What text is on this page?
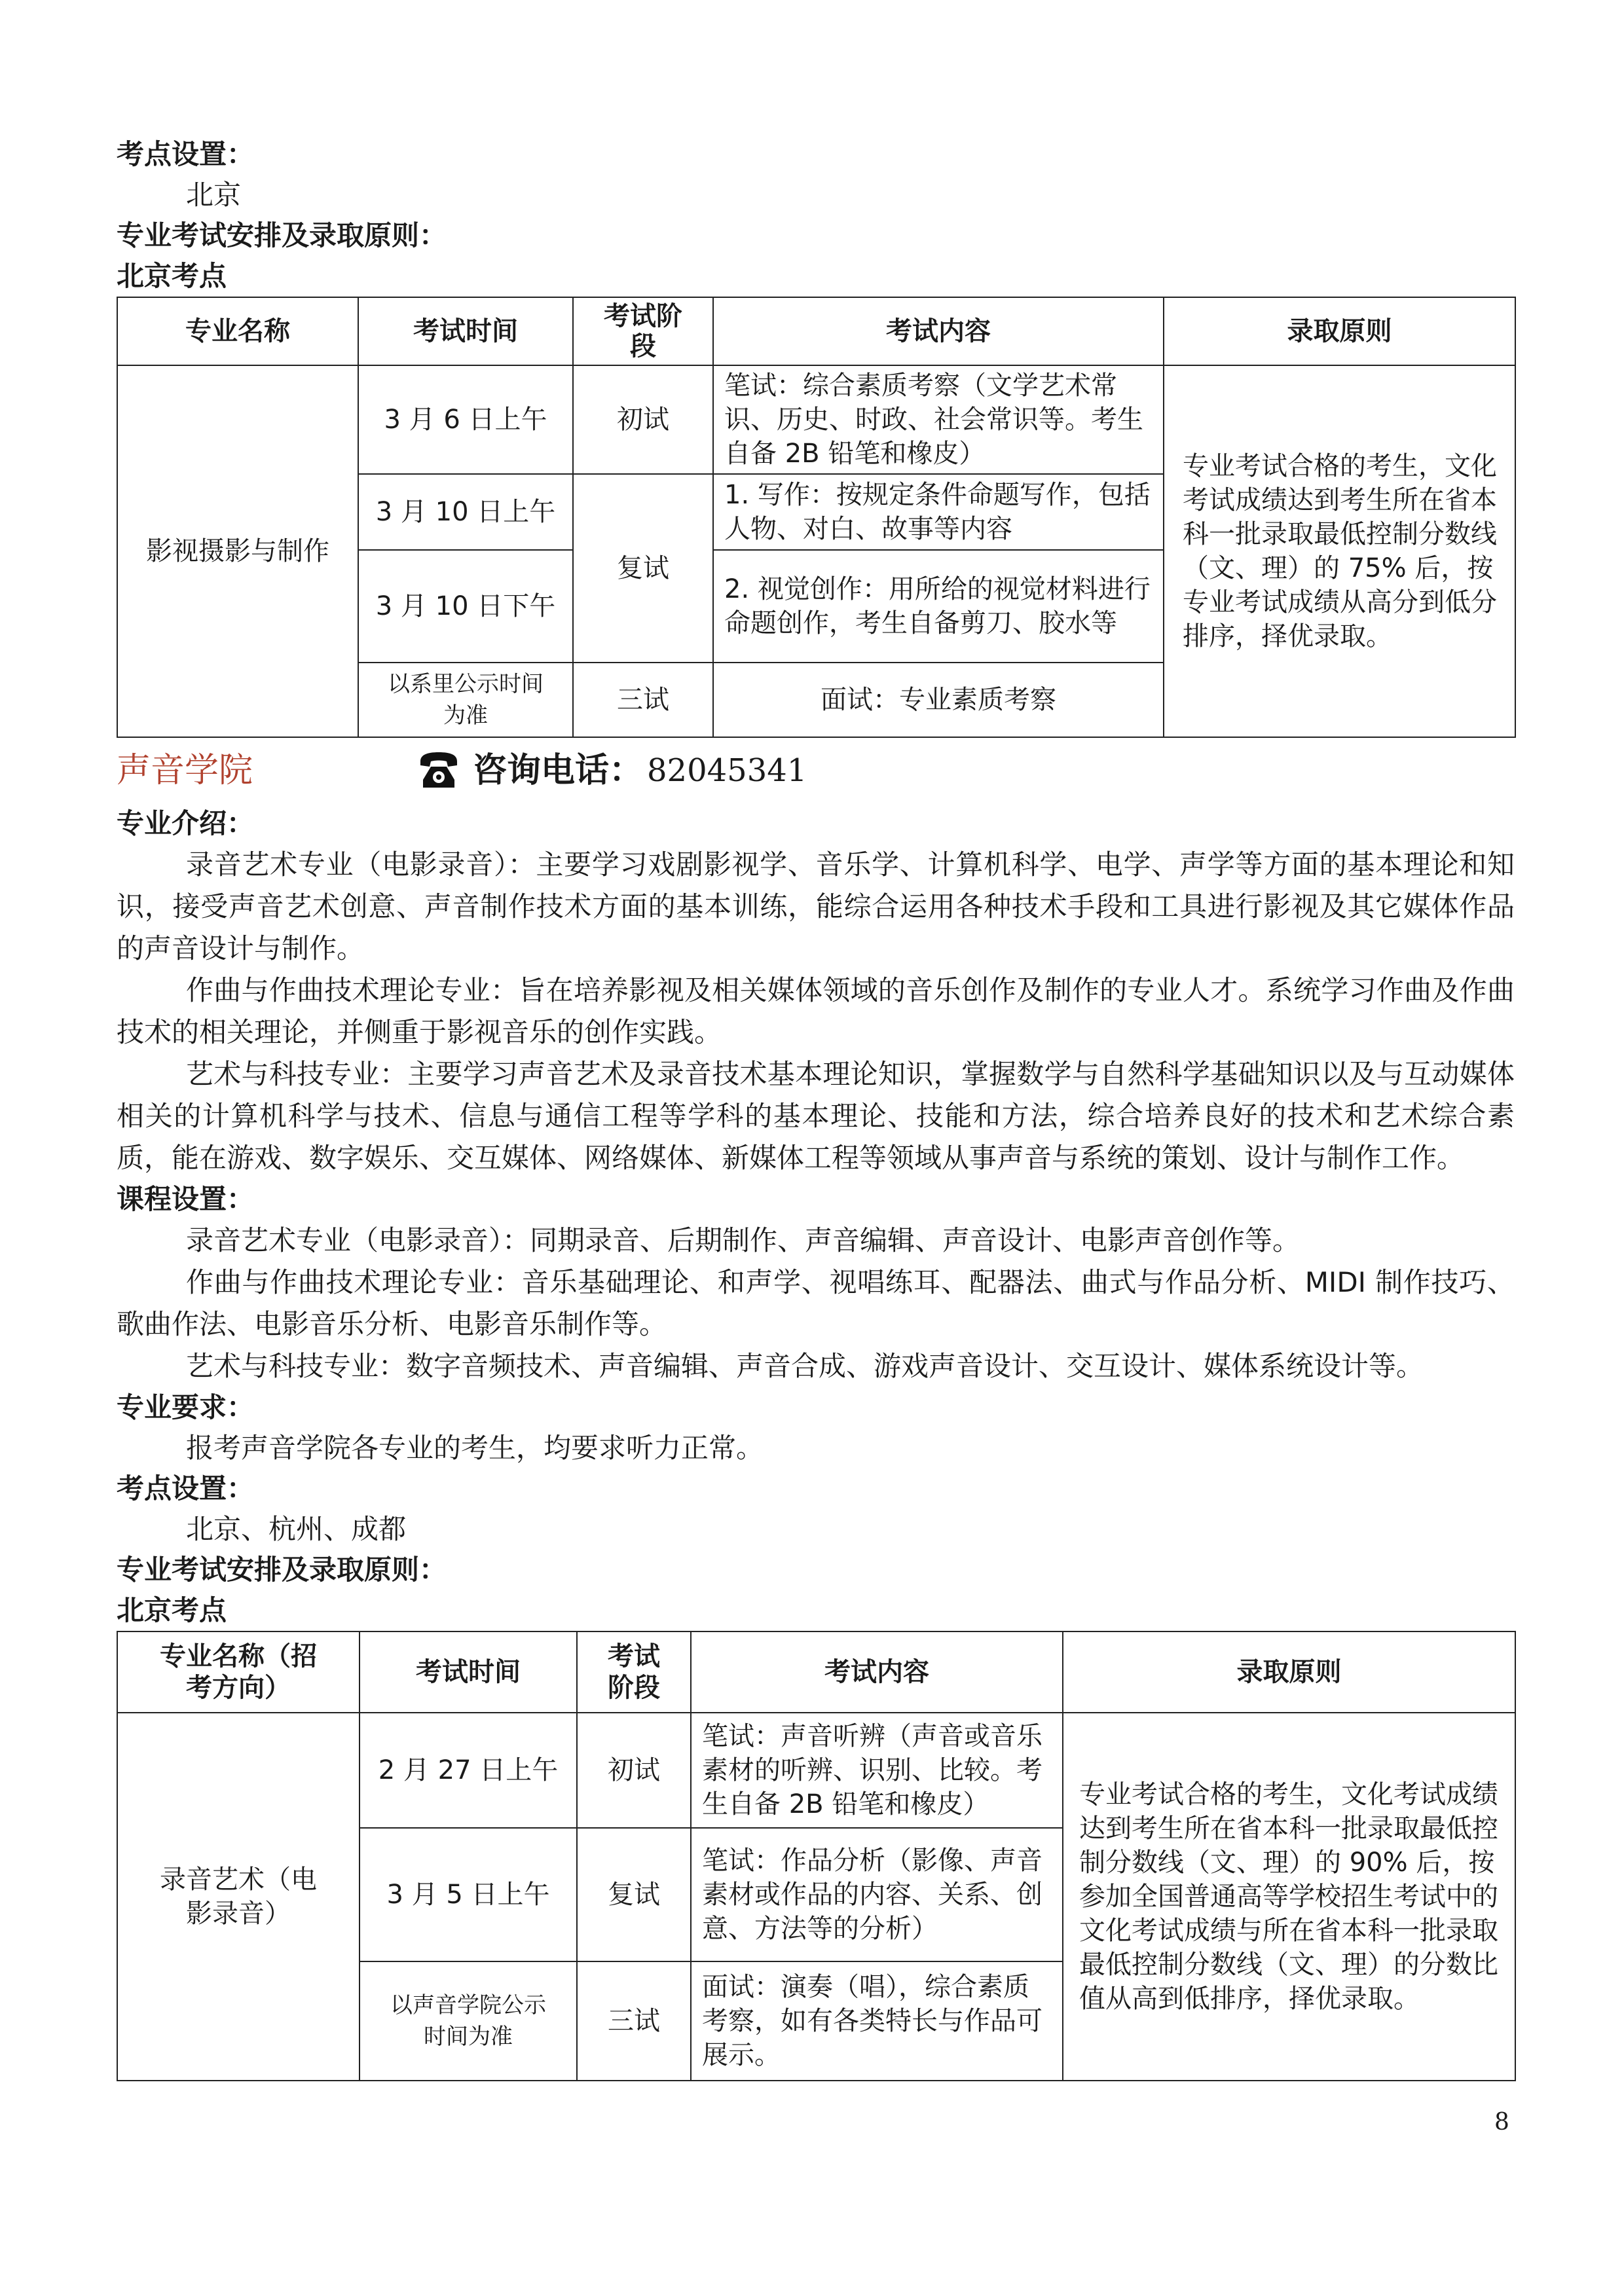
考点设置：
北京
专业考试安排及录取原则：
北京考点
专业名称	考试时间	考试阶段	考试内容	录取原则
影视摄影与制作	3 月 6 日上午	初试	笔试：综合素质考察（文学艺术常识、历史、时政、社会常识等。考生自备 2B 铅笔和橡皮）	专业考试合格的考生，文化考试成绩达到考生所在省本科一批录取最低控制分数线（文、理）的 75% 后，按专业考试成绩从高分到低分排序，择优录取。
	3 月 10 日上午	复试	1. 写作：按规定条件命题写作，包括人物、对白、故事等内容	
	3 月 10 日下午		2. 视觉创作：用所给的视觉材料进行命题创作，考生自备剪刀、胶水等	
	以系里公示时间为准	三试	面试：专业素质考察	
声音学院	咨询电话： 82045341
专业介绍：

录音艺术专业（电影录音）：主要学习戏剧影视学、音乐学、计算机科学、电学、声学等方面的基本理论和知识，接受声音艺术创意、声音制作技术方面的基本训练，能综合运用各种技术手段和工具进行影视及其它媒体作品的声音设计与制作。

作曲与作曲技术理论专业：旨在培养影视及相关媒体领域的音乐创作及制作的专业人才。系统学习作曲及作曲技术的相关理论，并侧重于影视音乐的创作实践。

艺术与科技专业：主要学习声音艺术及录音技术基本理论知识，掌握数学与自然科学基础知识以及与互动媒体相关的计算机科学与技术、信息与通信工程等学科的基本理论、技能和方法，综合培养良好的技术和艺术综合素质，能在游戏、数字娱乐、交互媒体、网络媒体、新媒体工程等领域从事声音与系统的策划、设计与制作工作。

课程设置：

录音艺术专业（电影录音）：同期录音、后期制作、声音编辑、声音设计、电影声音创作等。

作曲与作曲技术理论专业：音乐基础理论、和声学、视唱练耳、配器法、曲式与作品分析、MIDI 制作技巧、歌曲作法、电影音乐分析、电影音乐制作等。

艺术与科技专业：数字音频技术、声音编辑、声音合成、游戏声音设计、交互设计、媒体系统设计等。

专业要求：
报考声音学院各专业的考生，均要求听力正常。
考点设置：
北京、杭州、成都
专业考试安排及录取原则：
北京考点
专业名称（招考方向）	考试时间	考试阶段	考试内容	录取原则
录音艺术（电影录音）	2 月 27 日上午	初试	笔试：声音听辨（声音或音乐素材的听辨、识别、比较。考生自备 2B 铅笔和橡皮）	专业考试合格的考生，文化考试成绩达到考生所在省本科一批录取最低控制分数线（文、理）的 90% 后，按参加全国普通高等学校招生考试中的文化考试成绩与所在省本科一批录取最低控制分数线（文、理）的分数比值从高到低排序，择优录取。
	3 月 5 日上午	复试	笔试：作品分析（影像、声音素材或作品的内容、关系、创意、方法等的分析）	
	以声音学院公示时间为准	三试	面试：演奏（唱），综合素质考察，如有各类特长与作品可展示。	
8
